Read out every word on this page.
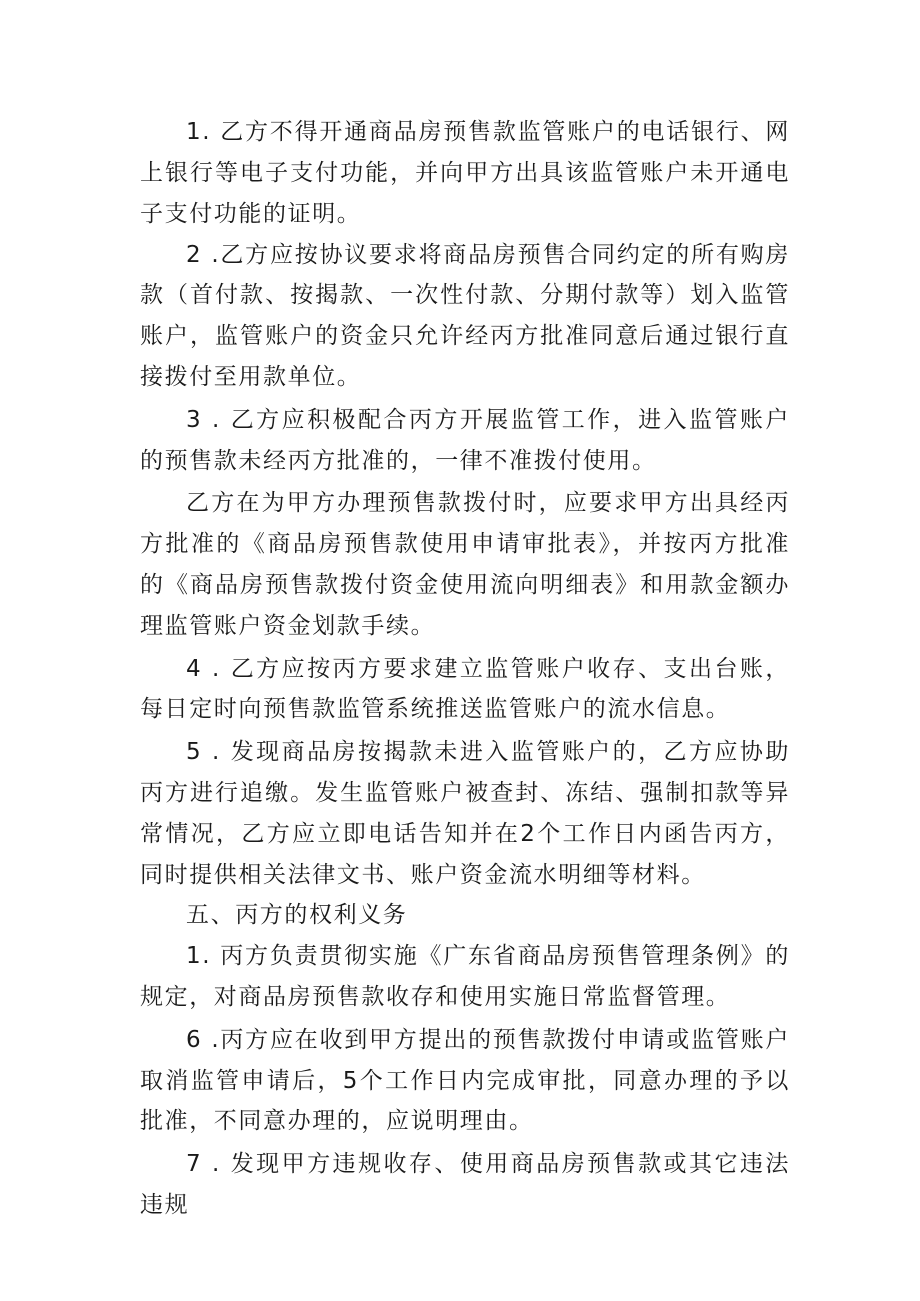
1. 乙方不得开通商品房预售款监管账户的电话银行、网上银行等电子支付功能，并向甲方出具该监管账户未开通电子支付功能的证明。

2 .乙方应按协议要求将商品房预售合同约定的所有购房款（首付款、按揭款、一次性付款、分期付款等）划入监管账户，监管账户的资金只允许经丙方批准同意后通过银行直接拨付至用款单位。

3 . 乙方应积极配合丙方开展监管工作，进入监管账户的预售款未经丙方批准的，一律不准拨付使用。

乙方在为甲方办理预售款拨付时，应要求甲方出具经丙方批准的《商品房预售款使用申请审批表》，并按丙方批准的《商品房预售款拨付资金使用流向明细表》和用款金额办理监管账户资金划款手续。

4 . 乙方应按丙方要求建立监管账户收存、支出台账，每日定时向预售款监管系统推送监管账户的流水信息。

5 . 发现商品房按揭款未进入监管账户的，乙方应协助丙方进行追缴。发生监管账户被查封、冻结、强制扣款等异常情况，乙方应立即电话告知并在2个工作日内函告丙方，同时提供相关法律文书、账户资金流水明细等材料。

五、丙方的权利义务

1. 丙方负责贯彻实施《广东省商品房预售管理条例》的规定，对商品房预售款收存和使用实施日常监督管理。

6 .丙方应在收到甲方提出的预售款拨付申请或监管账户取消监管申请后，5个工作日内完成审批，同意办理的予以批准，不同意办理的，应说明理由。

7 . 发现甲方违规收存、使用商品房预售款或其它违法违规
